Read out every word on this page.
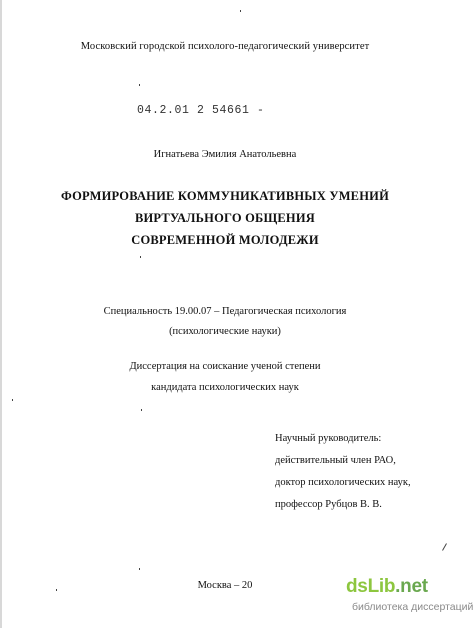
Московский городской психолого-педагогический университет
04.2.01 2 54661 -
Игнатьева Эмилия Анатольевна
ФОРМИРОВАНИЕ КОММУНИКАТИВНЫХ УМЕНИЙ
ВИРТУАЛЬНОГО ОБЩЕНИЯ
СОВРЕМЕННОЙ МОЛОДЕЖИ
Специальность 19.00.07 – Педагогическая психология
(психологические науки)
Диссертация на соискание ученой степени
кандидата психологических наук
Научный руководитель:
действительный член РАО,
доктор психологических наук,
профессор Рубцов В. В.
Москва – 20	dsLib.net
библиотека диссертаций
